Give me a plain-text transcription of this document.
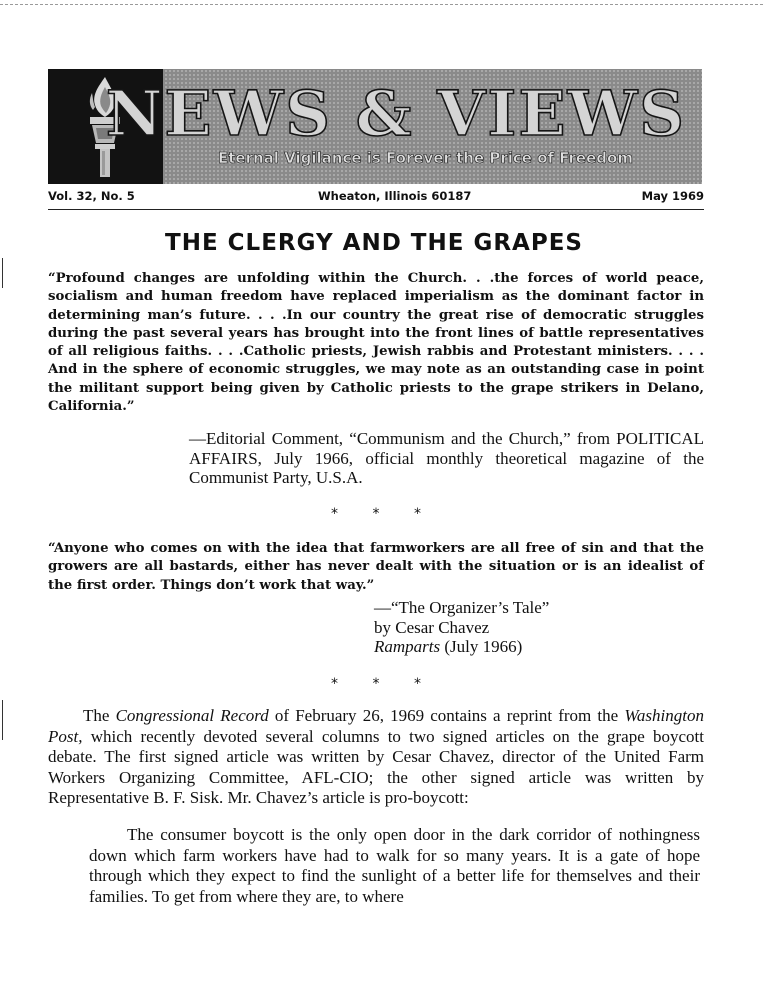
NEWS & VIEWS

Eternal Vigilance is Forever the Price of Freedom

Vol. 32, No. 5	Wheaton, Illinois 60187	May 1969
THE CLERGY AND THE GRAPES

“Profound changes are unfolding within the Church. . .the forces of world peace, socialism and human freedom have replaced imperialism as the dominant factor in determining man’s future. . . .In our country the great rise of democratic struggles during the past several years has brought into the front lines of battle representatives of all religious faiths. . . .Catholic priests, Jewish rabbis and Protestant ministers. . . . And in the sphere of economic struggles, we may note as an outstanding case in point the militant support being given by Catholic priests to the grape strikers in Delano, California.”

—Editorial Comment, “Communism and the Church,” from POLITICAL AFFAIRS, July 1966, official monthly theoretical magazine of the Communist Party, U.S.A.

* * *

“Anyone who comes on with the idea that farmworkers are all free of sin and that the growers are all bastards, either has never dealt with the situation or is an idealist of the first order. Things don’t work that way.”

—“The Organizer’s Tale”
by Cesar Chavez
Ramparts (July 1966)

* * *

The Congressional Record of February 26, 1969 contains a reprint from the Washington Post, which recently devoted several columns to two signed articles on the grape boycott debate. The first signed article was written by Cesar Chavez, director of the United Farm Workers Organizing Committee, AFL-CIO; the other signed article was written by Representative B. F. Sisk. Mr. Chavez’s article is pro-boycott:

The consumer boycott is the only open door in the dark corridor of nothingness down which farm workers have had to walk for so many years. It is a gate of hope through which they expect to find the sunlight of a better life for themselves and their families. To get from where they are, to where
